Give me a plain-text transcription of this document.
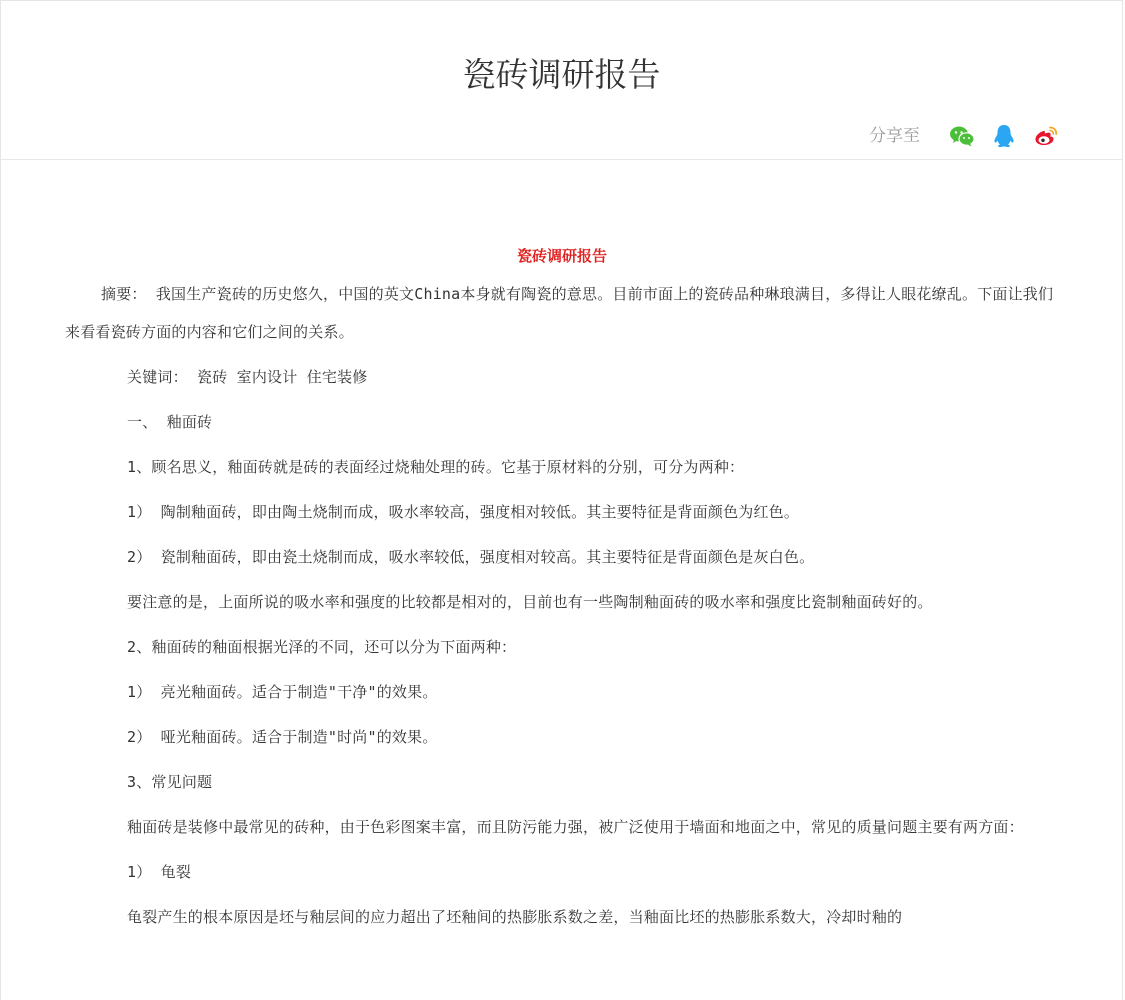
瓷砖调研报告
分享至

瓷砖调研报告

摘要： 我国生产瓷砖的历史悠久，中国的英文China本身就有陶瓷的意思。目前市面上的瓷砖品种琳琅满目，多得让人眼花缭乱。下面让我们来看看瓷砖方面的内容和它们之间的关系。

关键词： 瓷砖 室内设计 住宅装修

一、 釉面砖

1、顾名思义，釉面砖就是砖的表面经过烧釉处理的砖。它基于原材料的分别，可分为两种：

1） 陶制釉面砖，即由陶土烧制而成，吸水率较高，强度相对较低。其主要特征是背面颜色为红色。

2） 瓷制釉面砖，即由瓷土烧制而成，吸水率较低，强度相对较高。其主要特征是背面颜色是灰白色。

要注意的是，上面所说的吸水率和强度的比较都是相对的，目前也有一些陶制釉面砖的吸水率和强度比瓷制釉面砖好的。

2、釉面砖的釉面根据光泽的不同，还可以分为下面两种：

1） 亮光釉面砖。适合于制造"干净"的效果。

2） 哑光釉面砖。适合于制造"时尚"的效果。

3、常见问题

釉面砖是装修中最常见的砖种，由于色彩图案丰富，而且防污能力强，被广泛使用于墙面和地面之中，常见的质量问题主要有两方面：

1） 龟裂

龟裂产生的根本原因是坯与釉层间的应力超出了坯釉间的热膨胀系数之差，当釉面比坯的热膨胀系数大，冷却时釉的
